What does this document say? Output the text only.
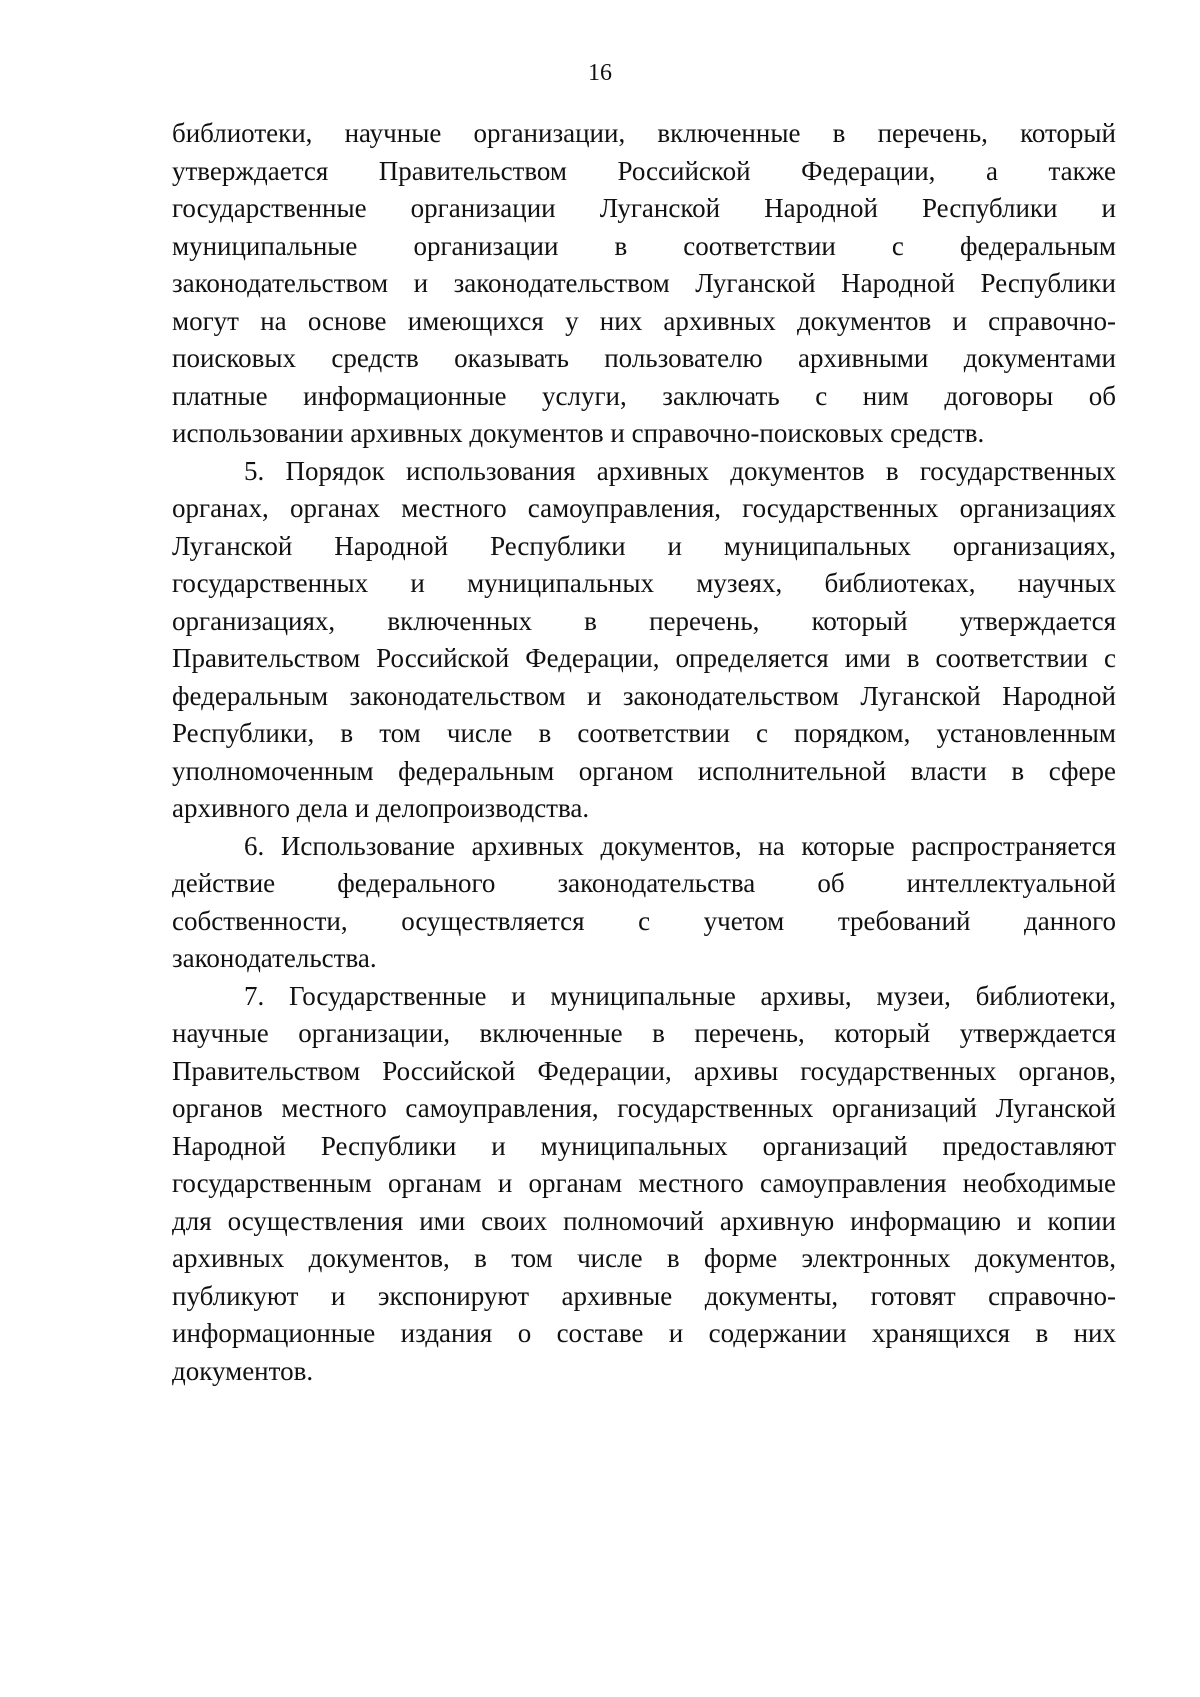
16
библиотеки, научные организации, включенные в перечень, который
утверждается Правительством Российской Федерации, а также
государственные организации Луганской Народной Республики и
муниципальные организации в соответствии с федеральным
законодательством и законодательством Луганской Народной Республики
могут на основе имеющихся у них архивных документов и справочно-
поисковых средств оказывать пользователю архивными документами
платные информационные услуги, заключать с ним договоры об
использовании архивных документов и справочно-поисковых средств.
5. Порядок использования архивных документов в государственных
органах, органах местного самоуправления, государственных организациях
Луганской Народной Республики и муниципальных организациях,
государственных и муниципальных музеях, библиотеках, научных
организациях, включенных в перечень, который утверждается
Правительством Российской Федерации, определяется ими в соответствии с
федеральным законодательством и законодательством Луганской Народной
Республики, в том числе в соответствии с порядком, установленным
уполномоченным федеральным органом исполнительной власти в сфере
архивного дела и делопроизводства.
6. Использование архивных документов, на которые распространяется
действие федерального законодательства об интеллектуальной
собственности, осуществляется с учетом требований данного
законодательства.
7. Государственные и муниципальные архивы, музеи, библиотеки,
научные организации, включенные в перечень, который утверждается
Правительством Российской Федерации, архивы государственных органов,
органов местного самоуправления, государственных организаций Луганской
Народной Республики и муниципальных организаций предоставляют
государственным органам и органам местного самоуправления необходимые
для осуществления ими своих полномочий архивную информацию и копии
архивных документов, в том числе в форме электронных документов,
публикуют и экспонируют архивные документы, готовят справочно-
информационные издания о составе и содержании хранящихся в них
документов.
